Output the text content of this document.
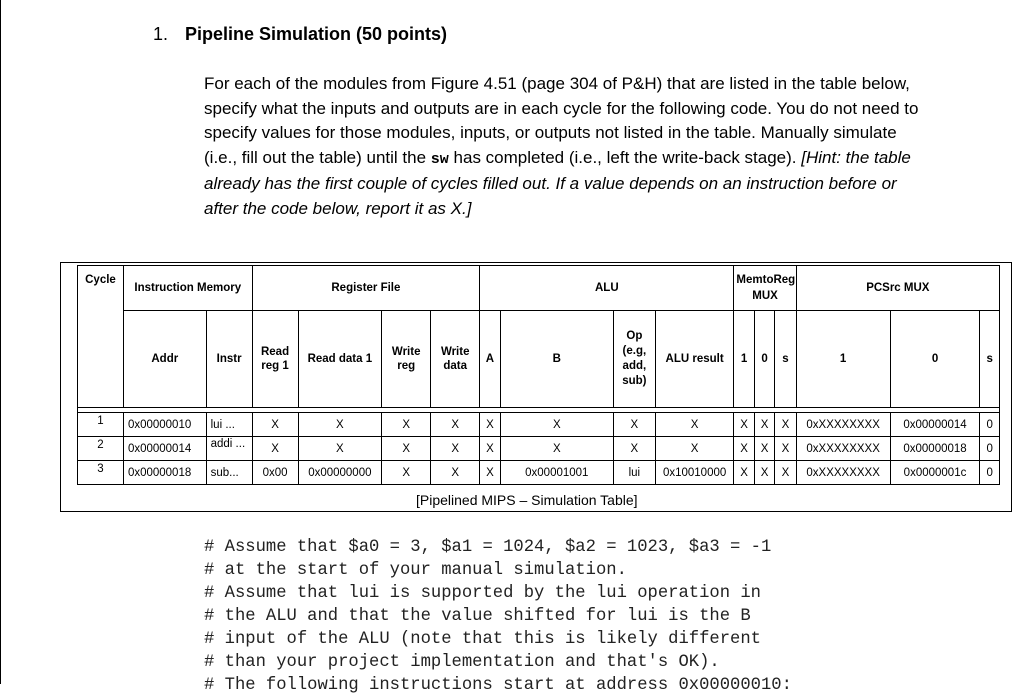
1. Pipeline Simulation (50 points)
For each of the modules from Figure 4.51 (page 304 of P&H) that are listed in the table below, specify what the inputs and outputs are in each cycle for the following code. You do not need to specify values for those modules, inputs, or outputs not listed in the table. Manually simulate (i.e., fill out the table) until the sw has completed (i.e., left the write-back stage). [Hint: the table already has the first couple of cycles filled out. If a value depends on an instruction before or after the code below, report it as X.]
Cycle	Instruction Memory		Register File				ALU				MemtoReg MUX			PCSrc MUX		
	Addr	Instr	Read reg 1	Read data 1	Write reg	Write data	A	B	Op (e.g, add, sub)	ALU result	1	0	s	1	0	s

1	0x00000010	lui ...	X	X	X	X	X	X	X	X	X	X	X	0xXXXXXXXX	0x00000014	0
2	0x00000014	addi ...	X	X	X	X	X	X	X	X	X	X	X	0xXXXXXXXX	0x00000018	0
3	0x00000018	sub...	0x00	0x00000000	X	X	X	0x00001001	lui	0x10010000	X	X	X	0xXXXXXXXX	0x0000001c	0
[Pipelined MIPS – Simulation Table]
# Assume that $a0 = 3, $a1 = 1024, $a2 = 1023, $a3 = -1
# at the start of your manual simulation.
# Assume that lui is supported by the lui operation in
# the ALU and that the value shifted for lui is the B
# input of the ALU (note that this is likely different
# than your project implementation and that's OK).
# The following instructions start at address 0x00000010:
